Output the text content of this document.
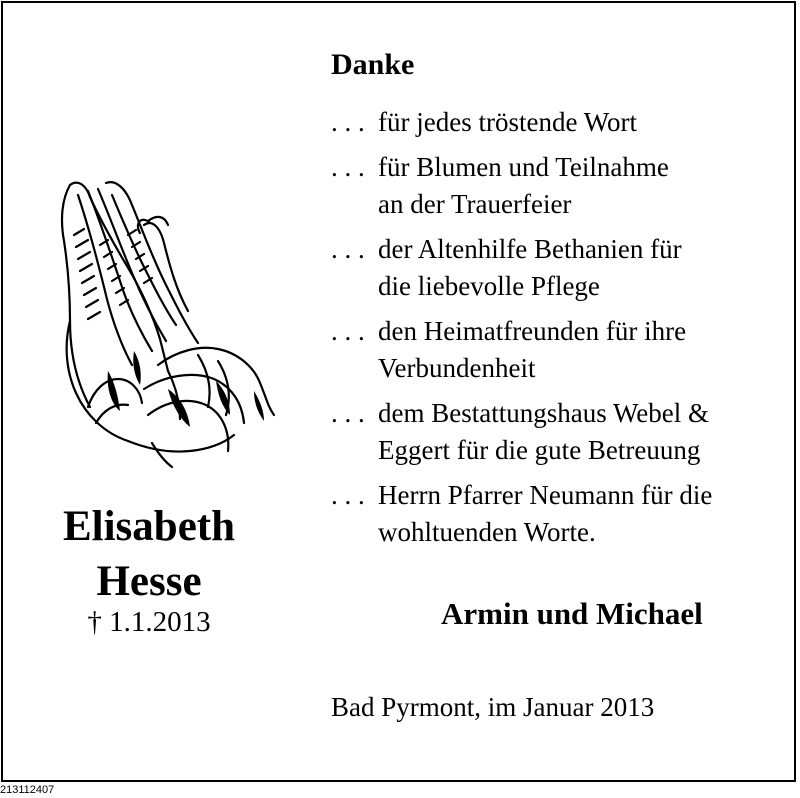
Elisabeth
Hesse
† 1.1.2013
Danke
. . . für jedes tröstende Wort
. . . für Blumen und Teilnahme
an der Trauerfeier
. . . der Altenhilfe Bethanien für
die liebevolle Pflege
. . . den Heimatfreunden für ihre
Verbundenheit
. . . dem Bestattungshaus Webel &
Eggert für die gute Betreuung
. . . Herrn Pfarrer Neumann für die
wohltuenden Worte.
Armin und Michael
Bad Pyrmont, im Januar 2013
213112407
